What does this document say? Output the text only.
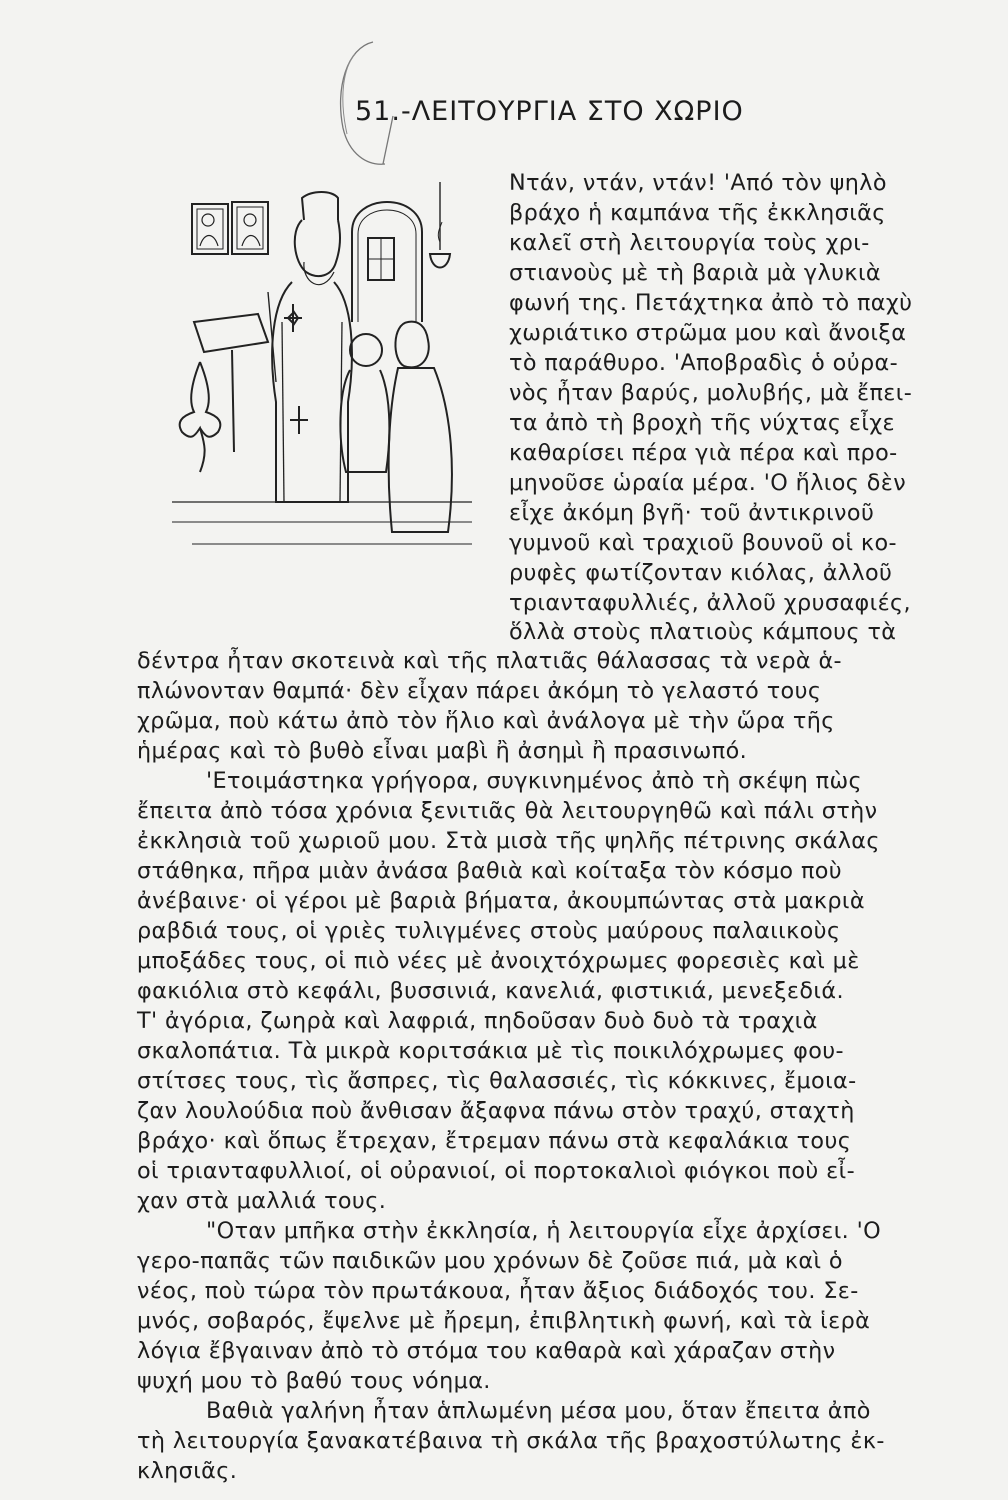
51.-ΛΕΙΤΟΥΡΓΙΑ ΣΤΟ ΧΩΡΙΟ
Ντάν, ντάν, ντάν! 'Από τὸν ψηλὸ
βράχο ἡ καμπάνα τῆς ἐκκλησιᾶς
καλεῖ στὴ λειτουργία τοὺς χρι-
στιανοὺς μὲ τὴ βαριὰ μὰ γλυκιὰ
φωνή της. Πετάχτηκα ἀπὸ τὸ παχὺ
χωριάτικο στρῶμα μου καὶ ἄνοιξα
τὸ παράθυρο. 'Αποβραδὶς ὁ οὐρα-
νὸς ἦταν βαρύς, μολυβής, μὰ ἔπει-
τα ἀπὸ τὴ βροχὴ τῆς νύχτας εἶχε
καθαρίσει πέρα γιὰ πέρα καὶ προ-
μηνοῦσε ὡραία μέρα. 'Ο ἥλιος δὲν
εἶχε ἀκόμη βγῆ· τοῦ ἀντικρινοῦ
γυμνοῦ καὶ τραχιοῦ βουνοῦ οἱ κο-
ρυφὲς φωτίζονταν κιόλας, ἀλλοῦ
τριανταφυλλιές, ἀλλοῦ χρυσαφιές,
ὅλλὰ στοὺς πλατιοὺς κάμπους τὰ
δέντρα ἦταν σκοτεινὰ καὶ τῆς πλατιᾶς θάλασσας τὰ νερὰ ἁ-
πλώνονταν θαμπά· δὲν εἶχαν πάρει ἀκόμη τὸ γελαστό τους
χρῶμα, ποὺ κάτω ἀπὸ τὸν ἥλιο καὶ ἀνάλογα μὲ τὴν ὥρα τῆς
ἡμέρας καὶ τὸ βυθὸ εἶναι μαβὶ ἢ ἀσημὶ ἢ πρασινωπό.
'Ετοιμάστηκα γρήγορα, συγκινημένος ἀπὸ τὴ σκέψη πὼς
ἔπειτα ἀπὸ τόσα χρόνια ξενιτιᾶς θὰ λειτουργηθῶ καὶ πάλι στὴν
ἐκκλησιὰ τοῦ χωριοῦ μου. Στὰ μισὰ τῆς ψηλῆς πέτρινης σκάλας
στάθηκα, πῆρα μιὰν ἀνάσα βαθιὰ καὶ κοίταξα τὸν κόσμο ποὺ
ἀνέβαινε· οἱ γέροι μὲ βαριὰ βήματα, ἀκουμπώντας στὰ μακριὰ
ραβδιά τους, οἱ γριὲς τυλιγμένες στοὺς μαύρους παλαιικοὺς
μποξάδες τους, οἱ πιὸ νέες μὲ ἀνοιχτόχρωμες φορεσιὲς καὶ μὲ
φακιόλια στὸ κεφάλι, βυσσινιά, κανελιά, φιστικιά, μενεξεδιά.
Τ' ἀγόρια, ζωηρὰ καὶ λαφριά, πηδοῦσαν δυὸ δυὸ τὰ τραχιὰ
σκαλοπάτια. Τὰ μικρὰ κοριτσάκια μὲ τὶς ποικιλόχρωμες φου-
στίτσες τους, τὶς ἄσπρες, τὶς θαλασσιές, τὶς κόκκινες, ἔμοια-
ζαν λουλούδια ποὺ ἄνθισαν ἄξαφνα πάνω στὸν τραχύ, σταχτὴ
βράχο· καὶ ὅπως ἔτρεχαν, ἔτρεμαν πάνω στὰ κεφαλάκια τους
οἱ τριανταφυλλιοί, οἱ οὐρανιοί, οἱ πορτοκαλιοὶ φιόγκοι ποὺ εἶ-
χαν στὰ μαλλιά τους.
"Οταν μπῆκα στὴν ἐκκλησία, ἡ λειτουργία εἶχε ἀρχίσει. 'Ο
γερο-παπᾶς τῶν παιδικῶν μου χρόνων δὲ ζοῦσε πιά, μὰ καὶ ὁ
νέος, ποὺ τώρα τὸν πρωτάκουα, ἦταν ἄξιος διάδοχός του. Σε-
μνός, σοβαρός, ἔψελνε μὲ ἤρεμη, ἐπιβλητικὴ φωνή, καὶ τὰ ἱερὰ
λόγια ἔβγαιναν ἀπὸ τὸ στόμα του καθαρὰ καὶ χάραζαν στὴν
ψυχή μου τὸ βαθύ τους νόημα.
Βαθιὰ γαλήνη ἦταν ἁπλωμένη μέσα μου, ὅταν ἔπειτα ἀπὸ
τὴ λειτουργία ξανακατέβαινα τὴ σκάλα τῆς βραχοστύλωτης ἐκ-
κλησιᾶς.
